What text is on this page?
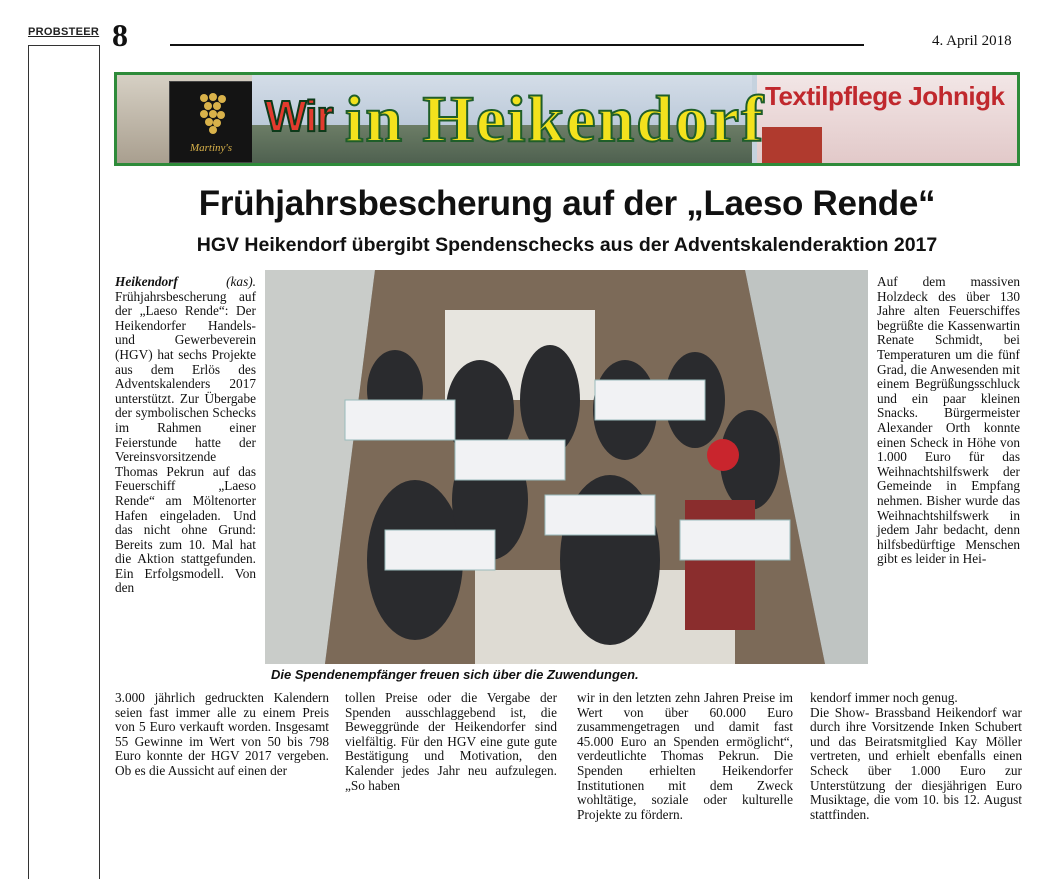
PROBSTEER 8	4. April 2018
Martiny's
Textilpflege Johnigk
Wir in Heikendorf
Frühjahrsbescherung auf der „Laeso Rende“
HGV Heikendorf übergibt Spendenschecks aus der Adventskalenderaktion 2017

Heikendorf	(kas). Frühjahrsbescherung auf der „Laeso Rende“: Der Heikendorfer Handels- und Gewerbeverein (HGV) hat sechs Projekte aus dem Erlös des Adventskalenders 2017 unterstützt. Zur Übergabe der symbolischen Schecks im Rahmen einer Feierstunde hatte der Vereinsvorsitzende Thomas Pekrun auf das Feuerschiff „Laeso Rende“ am Möltenorter Hafen eingeladen. Und das nicht ohne Grund: Bereits zum 10. Mal hat die Aktion stattgefunden. Ein Erfolgsmodell. Von den

Die Spendenempfänger freuen sich über die Zuwendungen.

Auf dem massiven Holzdeck des über 130 Jahre alten Feuerschiffes begrüßte die Kassenwartin Renate Schmidt, bei Temperaturen um die fünf Grad, die Anwesenden mit einem Begrüßungsschluck und ein paar kleinen Snacks. Bürgermeister Alexander Orth konnte einen Scheck in Höhe von 1.000 Euro für das Weihnachtshilfswerk der Gemeinde in Empfang nehmen. Bisher wurde das Weihnachtshilfswerk in jedem Jahr bedacht, denn hilfsbedürftige Menschen gibt es leider in Hei-

3.000 jährlich gedruckten Kalendern seien fast immer alle zu einem Preis von 5 Euro verkauft worden. Insgesamt 55 Gewinne im Wert von 50 bis 798 Euro konnte der HGV 2017 vergeben. Ob es die Aussicht auf einen der

tollen Preise oder die Vergabe der Spenden ausschlaggebend ist, die Beweggründe der Heikendorfer sind vielfältig. Für den HGV eine gute gute Bestätigung und Motivation, den Kalender jedes Jahr neu aufzulegen. „So haben

wir in den letzten zehn Jahren Preise im Wert von über 60.000 Euro zusammengetragen und damit fast 45.000 Euro an Spenden ermöglicht“, verdeutlichte Thomas Pekrun. Die Spenden erhielten Heikendorfer Institutionen mit dem Zweck wohltätige, soziale oder kulturelle Projekte zu fördern.

kendorf immer noch genug.

Die Show- Brassband Heikendorf war durch ihre Vorsitzende Inken Schubert und das Beiratsmitglied Kay Möller vertreten, und erhielt ebenfalls einen Scheck über 1.000 Euro zur Unterstützung der diesjährigen Euro Musiktage, die vom 10. bis 12. August stattfinden.
